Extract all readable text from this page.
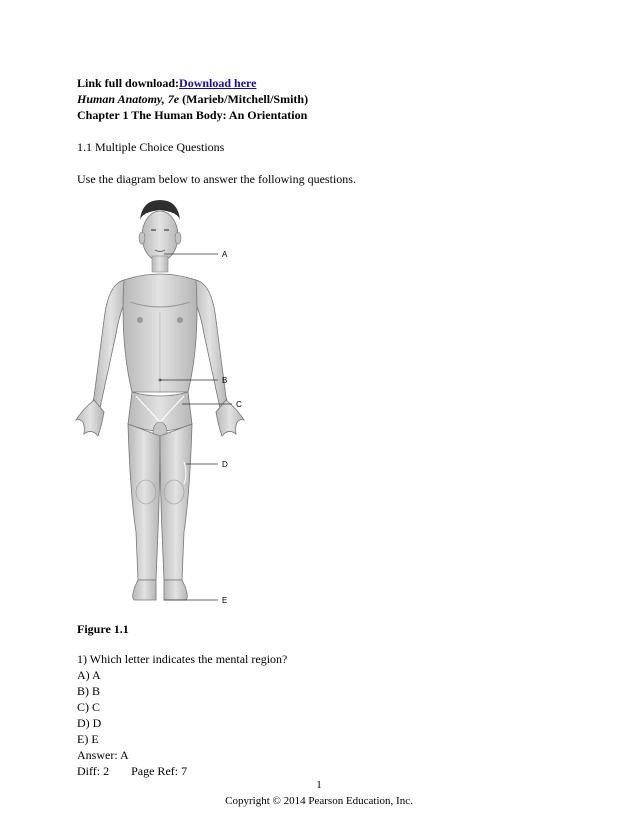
Link full download:Download here
Human Anatomy, 7e (Marieb/Mitchell/Smith)
Chapter 1 The Human Body: An Orientation
1.1 Multiple Choice Questions
Use the diagram below to answer the following questions.
A
B
C
D
E
Figure 1.1
1) Which letter indicates the mental region?
A) A
B) B
C) C
D) D
E) E
Answer: A
Diff: 2 Page Ref: 7
1
Copyright © 2014 Pearson Education, Inc.
